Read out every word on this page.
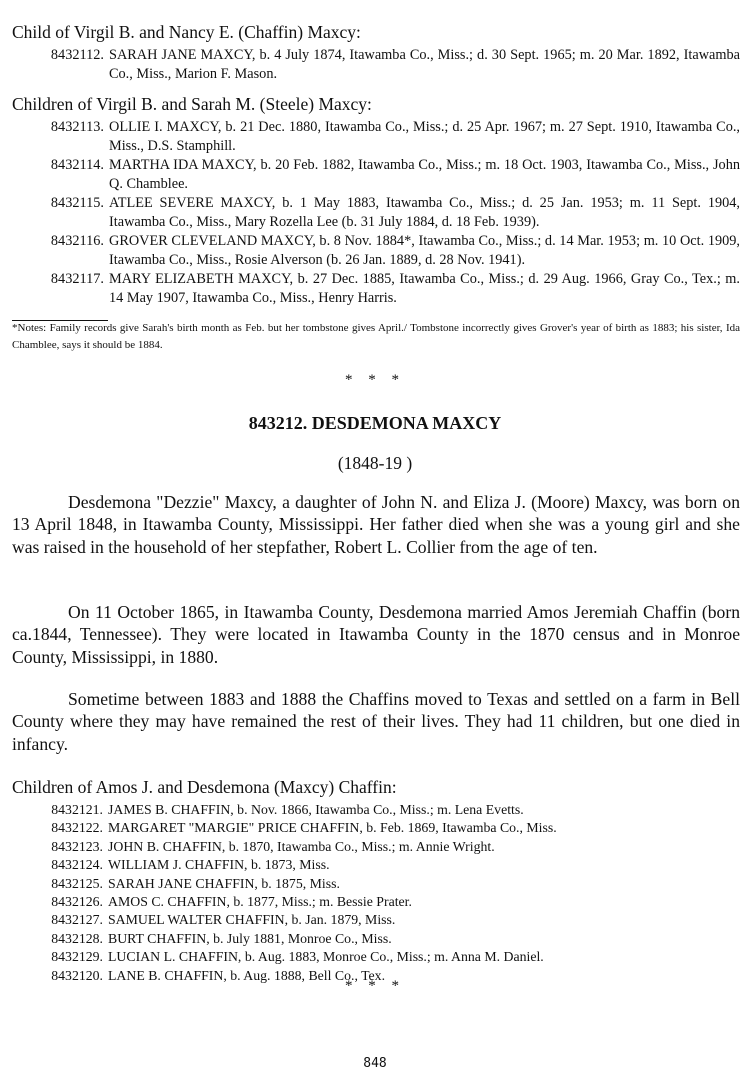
Child of Virgil B. and Nancy E. (Chaffin) Maxcy:
8432112. SARAH JANE MAXCY, b. 4 July 1874, Itawamba Co., Miss.; d. 30 Sept. 1965; m. 20 Mar. 1892, Itawamba Co., Miss., Marion F. Mason.
Children of Virgil B. and Sarah M. (Steele) Maxcy:
8432113. OLLIE I. MAXCY, b. 21 Dec. 1880, Itawamba Co., Miss.; d. 25 Apr. 1967; m. 27 Sept. 1910, Itawamba Co., Miss., D.S. Stamphill.
8432114. MARTHA IDA MAXCY, b. 20 Feb. 1882, Itawamba Co., Miss.; m. 18 Oct. 1903, Itawamba Co., Miss., John Q. Chamblee.
8432115. ATLEE SEVERE MAXCY, b. 1 May 1883, Itawamba Co., Miss.; d. 25 Jan. 1953; m. 11 Sept. 1904, Itawamba Co., Miss., Mary Rozella Lee (b. 31 July 1884, d. 18 Feb. 1939).
8432116. GROVER CLEVELAND MAXCY, b. 8 Nov. 1884*, Itawamba Co., Miss.; d. 14 Mar. 1953; m. 10 Oct. 1909, Itawamba Co., Miss., Rosie Alverson (b. 26 Jan. 1889, d. 28 Nov. 1941).
8432117. MARY ELIZABETH MAXCY, b. 27 Dec. 1885, Itawamba Co., Miss.; d. 29 Aug. 1966, Gray Co., Tex.; m. 14 May 1907, Itawamba Co., Miss., Henry Harris.
*Notes: Family records give Sarah's birth month as Feb. but her tombstone gives April./ Tombstone incorrectly gives Grover's year of birth as 1883; his sister, Ida Chamblee, says it should be 1884.
* * *
843212. DESDEMONA MAXCY
(1848-19 )

Desdemona "Dezzie" Maxcy, a daughter of John N. and Eliza J. (Moore) Maxcy, was born on 13 April 1848, in Itawamba County, Mississippi. Her father died when she was a young girl and she was raised in the household of her stepfather, Robert L. Collier from the age of ten.

On 11 October 1865, in Itawamba County, Desdemona married Amos Jeremiah Chaffin (born ca.1844, Tennessee). They were located in Itawamba County in the 1870 census and in Monroe County, Mississippi, in 1880.

Sometime between 1883 and 1888 the Chaffins moved to Texas and settled on a farm in Bell County where they may have remained the rest of their lives. They had 11 children, but one died in infancy.

Children of Amos J. and Desdemona (Maxcy) Chaffin:
8432121. JAMES B. CHAFFIN, b. Nov. 1866, Itawamba Co., Miss.; m. Lena Evetts.
8432122. MARGARET "MARGIE" PRICE CHAFFIN, b. Feb. 1869, Itawamba Co., Miss.
8432123. JOHN B. CHAFFIN, b. 1870, Itawamba Co., Miss.; m. Annie Wright.
8432124. WILLIAM J. CHAFFIN, b. 1873, Miss.
8432125. SARAH JANE CHAFFIN, b. 1875, Miss.
8432126. AMOS C. CHAFFIN, b. 1877, Miss.; m. Bessie Prater.
8432127. SAMUEL WALTER CHAFFIN, b. Jan. 1879, Miss.
8432128. BURT CHAFFIN, b. July 1881, Monroe Co., Miss.
8432129. LUCIAN L. CHAFFIN, b. Aug. 1883, Monroe Co., Miss.; m. Anna M. Daniel.
8432120. LANE B. CHAFFIN, b. Aug. 1888, Bell Co., Tex.
* * *
848
